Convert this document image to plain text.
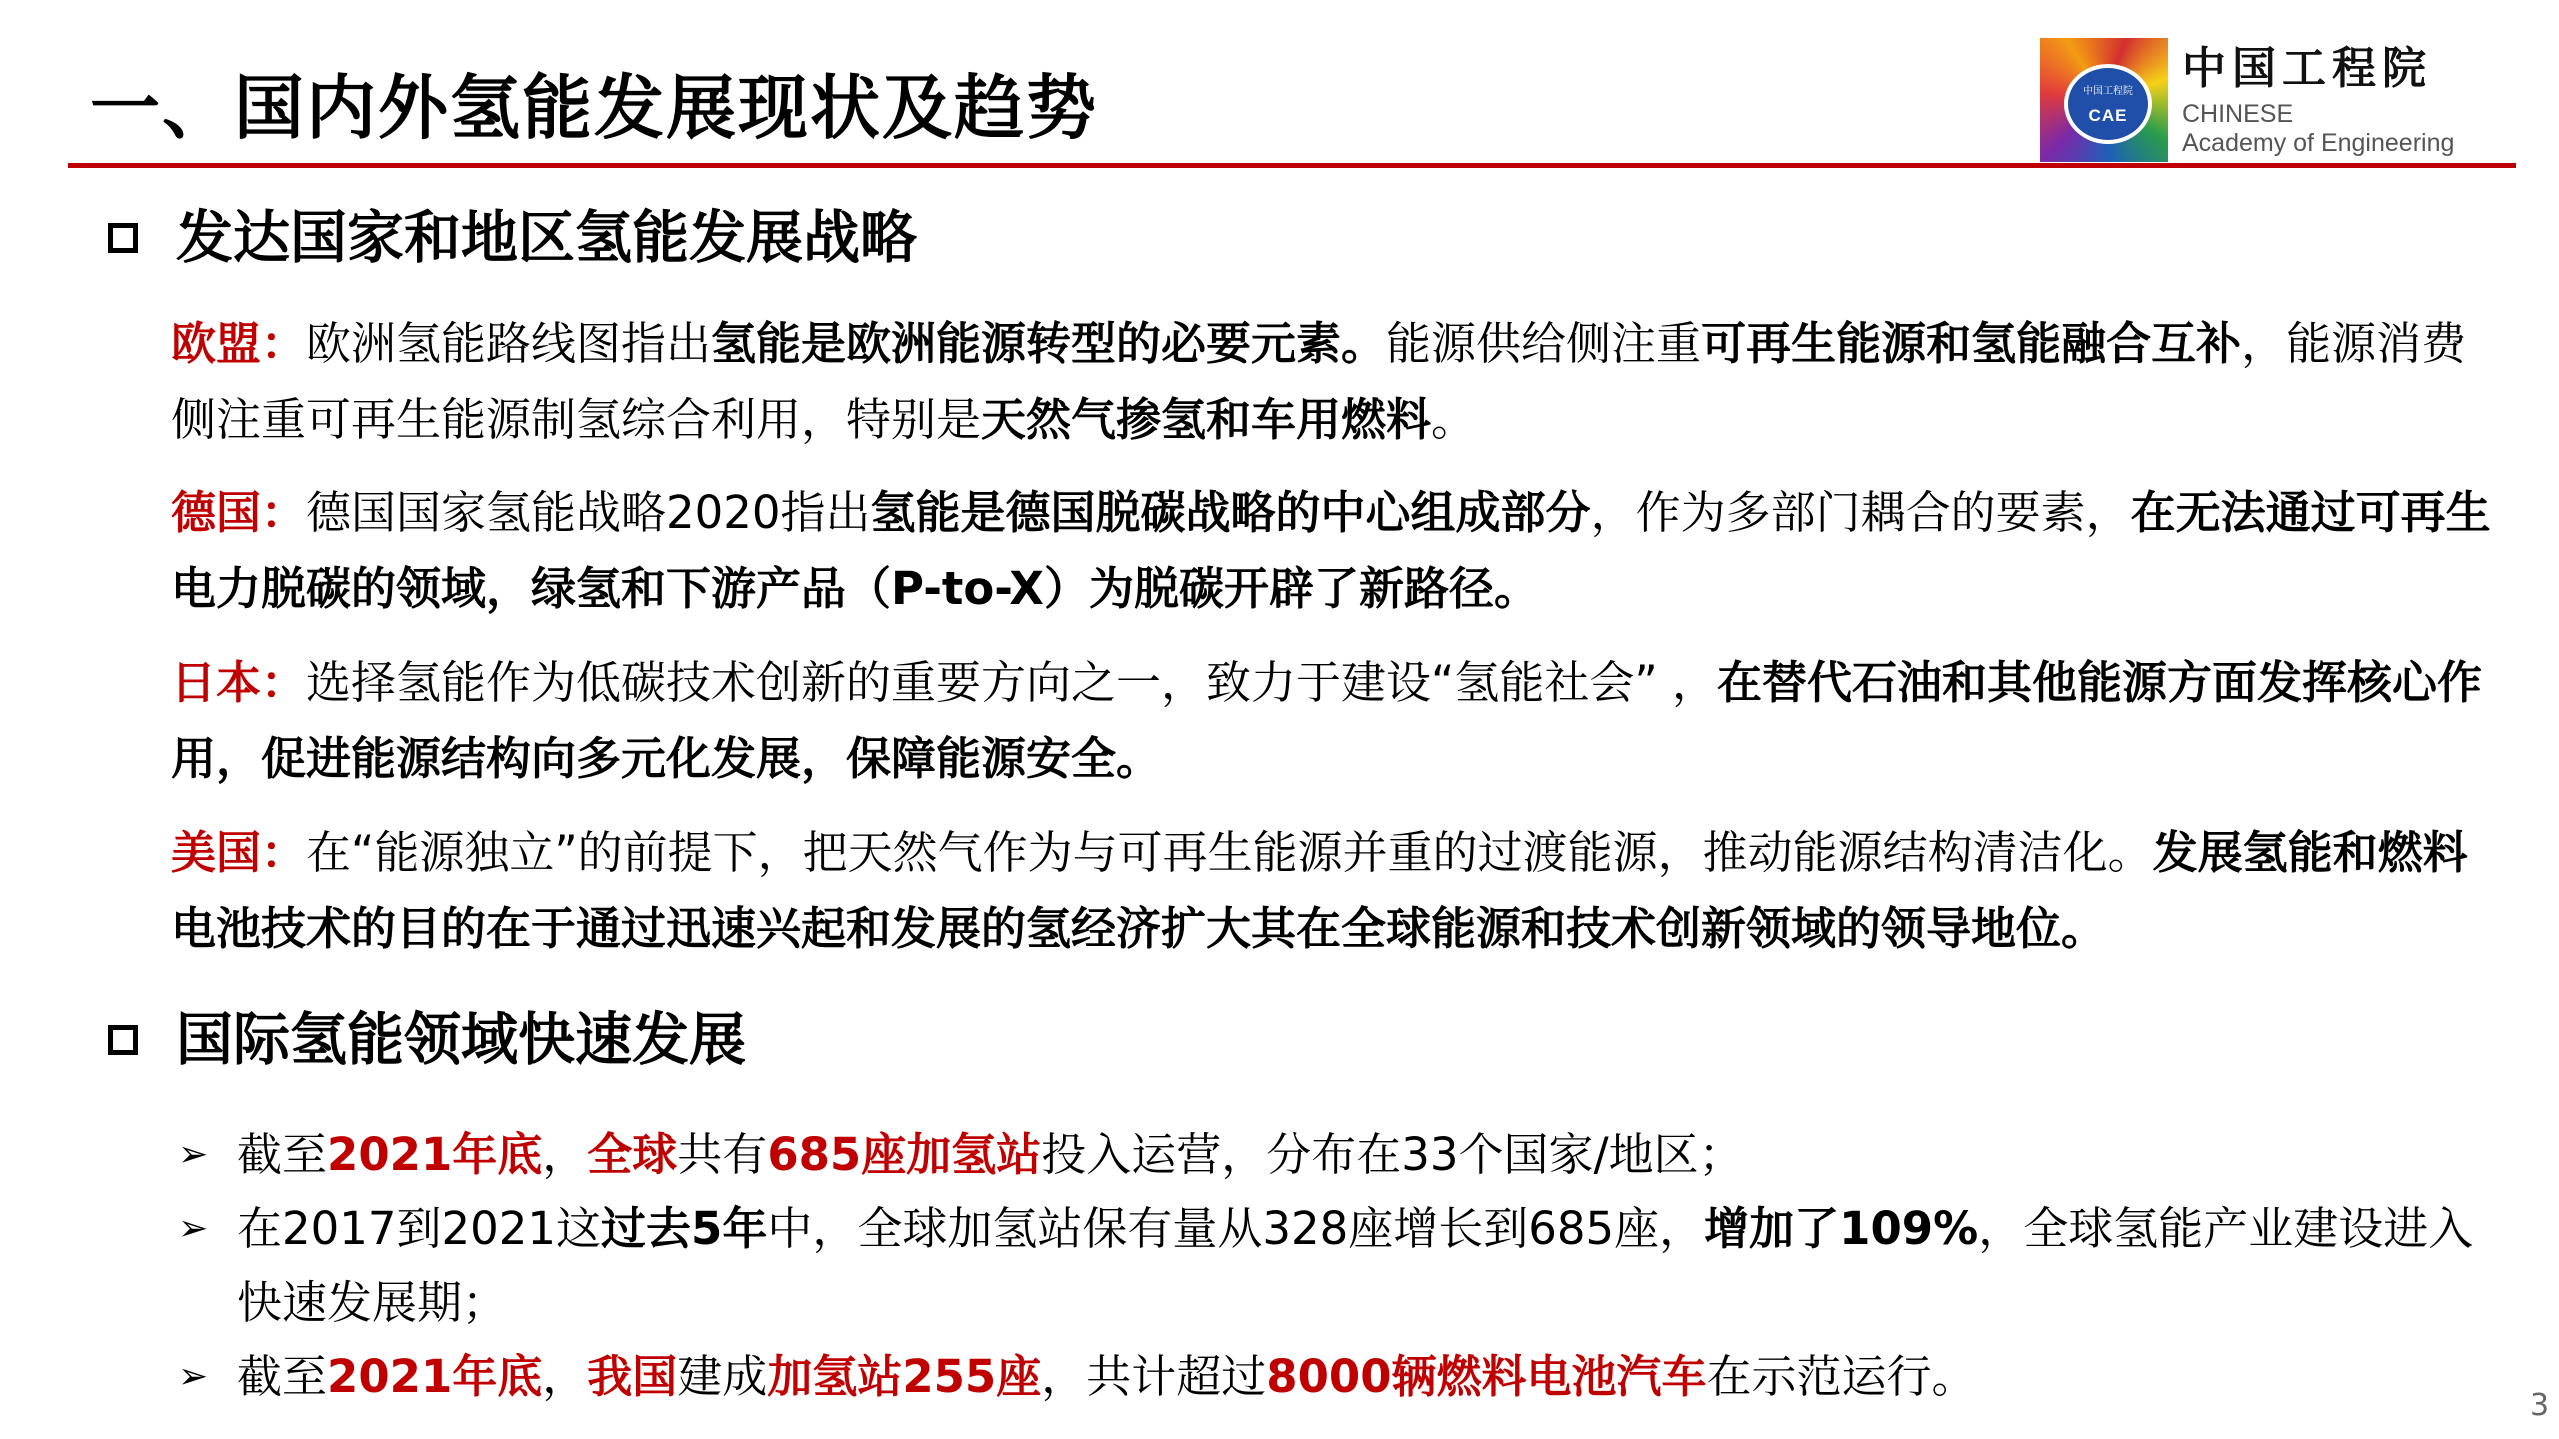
一、国内外氢能发展现状及趋势	中国工程院
CAE
中国工程院
CHINESE
Academy of Engineering
发达国家和地区氢能发展战略

欧盟：欧洲氢能路线图指出氢能是欧洲能源转型的必要元素。能源供给侧注重可再生能源和氢能融合互补，能源消费侧注重可再生能源制氢综合利用，特别是天然气掺氢和车用燃料。

德国：德国国家氢能战略2020指出氢能是德国脱碳战略的中心组成部分，作为多部门耦合的要素，在无法通过可再生电力脱碳的领域，绿氢和下游产品（P-to-X）为脱碳开辟了新路径。

日本：选择氢能作为低碳技术创新的重要方向之一，致力于建设“氢能社会” ，在替代石油和其他能源方面发挥核心作用，促进能源结构向多元化发展，保障能源安全。

美国：在“能源独立”的前提下，把天然气作为与可再生能源并重的过渡能源，推动能源结构清洁化。发展氢能和燃料电池技术的目的在于通过迅速兴起和发展的氢经济扩大其在全球能源和技术创新领域的领导地位。

国际氢能领域快速发展
➢ 截至2021年底，全球共有685座加氢站投入运营，分布在33个国家/地区；
➢ 在2017到2021这过去5年中，全球加氢站保有量从328座增长到685座，增加了109%，全球氢能产业建设进入快速发展期；
➢ 截至2021年底，我国建成加氢站255座，共计超过8000辆燃料电池汽车在示范运行。
3
